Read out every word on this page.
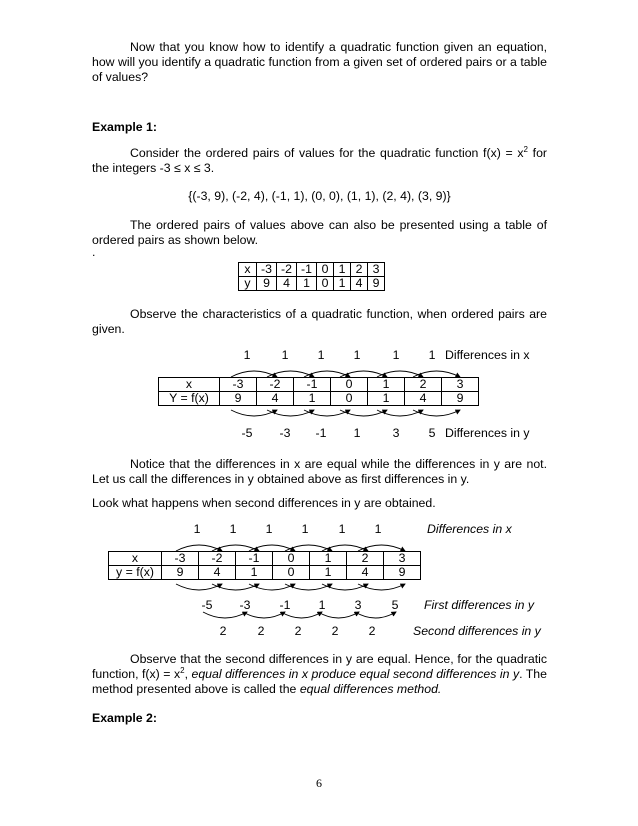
Now that you know how to identify a quadratic function given an equation, how will you identify a quadratic function from a given set of ordered pairs or a table of values?
Example 1:
Consider the ordered pairs of values for the quadratic function $f(x) = x^2$ for the integers -3 ≤ x ≤ 3.
{(-3, 9), (-2, 4), (-1, 1), (0, 0), (1, 1), (2, 4), (3, 9)}
The ordered pairs of values above can also be presented using a table of ordered pairs as shown below.
.
x	-3	-2	-1	0	1	2	3
y	9	4	1	0	1	4	9
Observe the characteristics of a quadratic function, when ordered pairs are given.
1	1	1	1	1	1 Differences in x
x	-3	-2	-1	0	1	2	3
Y = f(x)	9	4	1	0	1	4	9
-5	-3	-1	1	3	5 Differences in y
Notice that the differences in x are equal while the differences in y are not. Let us call the differences in y obtained above as first differences in y.
Look what happens when second differences in y are obtained.
1	1	1	1	1	1	Differences in x
x	-3	-2	-1	0	1	2	3
y = f(x)	9	4	1	0	1	4	9
-5	-3	-1	1	3	5	First differences in y
2	2	2	2	2	Second differences in y
Observe that the second differences in y are equal. Hence, for the quadratic function, $f(x) = x^2$, equal differences in x produce equal second differences in y. The method presented above is called the equal differences method.
Example 2:
6
